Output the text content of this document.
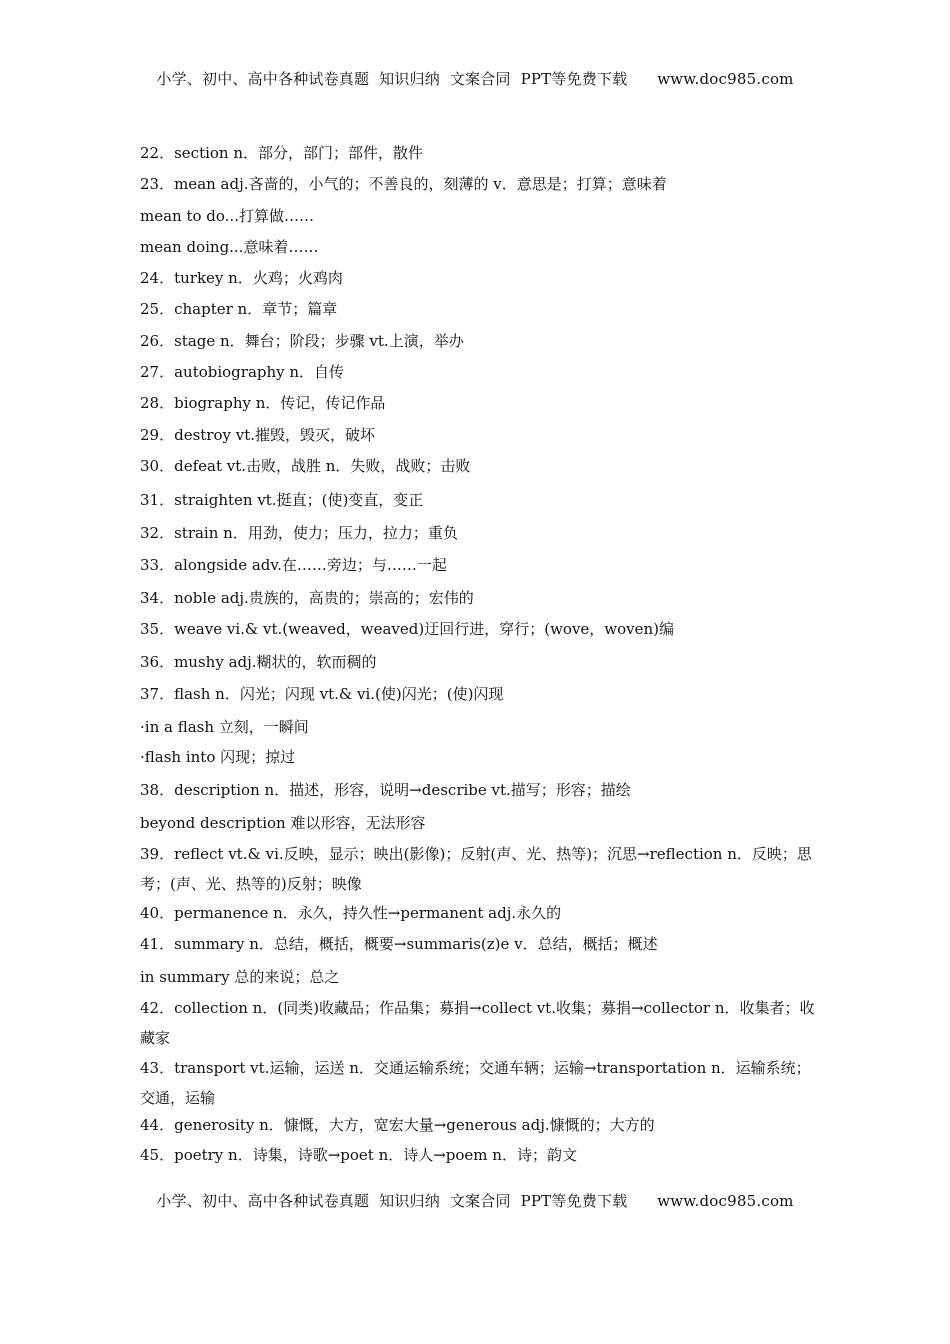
小学、初中、高中各种试卷真题  知识归纳  文案合同  PPT等免费下载      www.doc985.com
22．section n．部分，部门；部件，散件
23．mean adj.吝啬的，小气的；不善良的，刻薄的 v．意思是；打算；意味着
mean to do...打算做……
mean doing...意味着……
24．turkey n．火鸡；火鸡肉
25．chapter n．章节；篇章
26．stage n．舞台；阶段；步骤 vt.上演，举办
27．autobiography n．自传
28．biography n．传记，传记作品
29．destroy vt.摧毁，毁灭，破坏
30．defeat vt.击败，战胜 n．失败，战败；击败
31．straighten vt.挺直；(使)变直，变正
32．strain n．用劲，使力；压力，拉力；重负
33．alongside adv.在……旁边；与……一起
34．noble adj.贵族的，高贵的；崇高的；宏伟的
35．weave vi.& vt.(weaved，weaved)迂回行进，穿行；(wove，woven)编
36．mushy adj.糊状的，软而稠的
37．flash n．闪光；闪现 vt.& vi.(使)闪光；(使)闪现
·in a flash 立刻，一瞬间
·flash into 闪现；掠过
38．description n．描述，形容，说明→describe vt.描写；形容；描绘
beyond description 难以形容，无法形容
39．reflect vt.& vi.反映，显示；映出(影像)；反射(声、光、热等)；沉思→reflection n．反映；思考；(声、光、热等的)反射；映像
40．permanence n．永久，持久性→permanent adj.永久的
41．summary n．总结，概括，概要→summaris(z)e v．总结，概括；概述
in summary 总的来说；总之
42．collection n．(同类)收藏品；作品集；募捐→collect vt.收集；募捐→collector n．收集者；收藏家
43．transport vt.运输，运送 n．交通运输系统；交通车辆；运输→transportation n．运输系统；交通，运输
44．generosity n．慷慨，大方，宽宏大量→generous adj.慷慨的；大方的
45．poetry n．诗集，诗歌→poet n．诗人→poem n．诗；韵文
小学、初中、高中各种试卷真题  知识归纳  文案合同  PPT等免费下载      www.doc985.com
